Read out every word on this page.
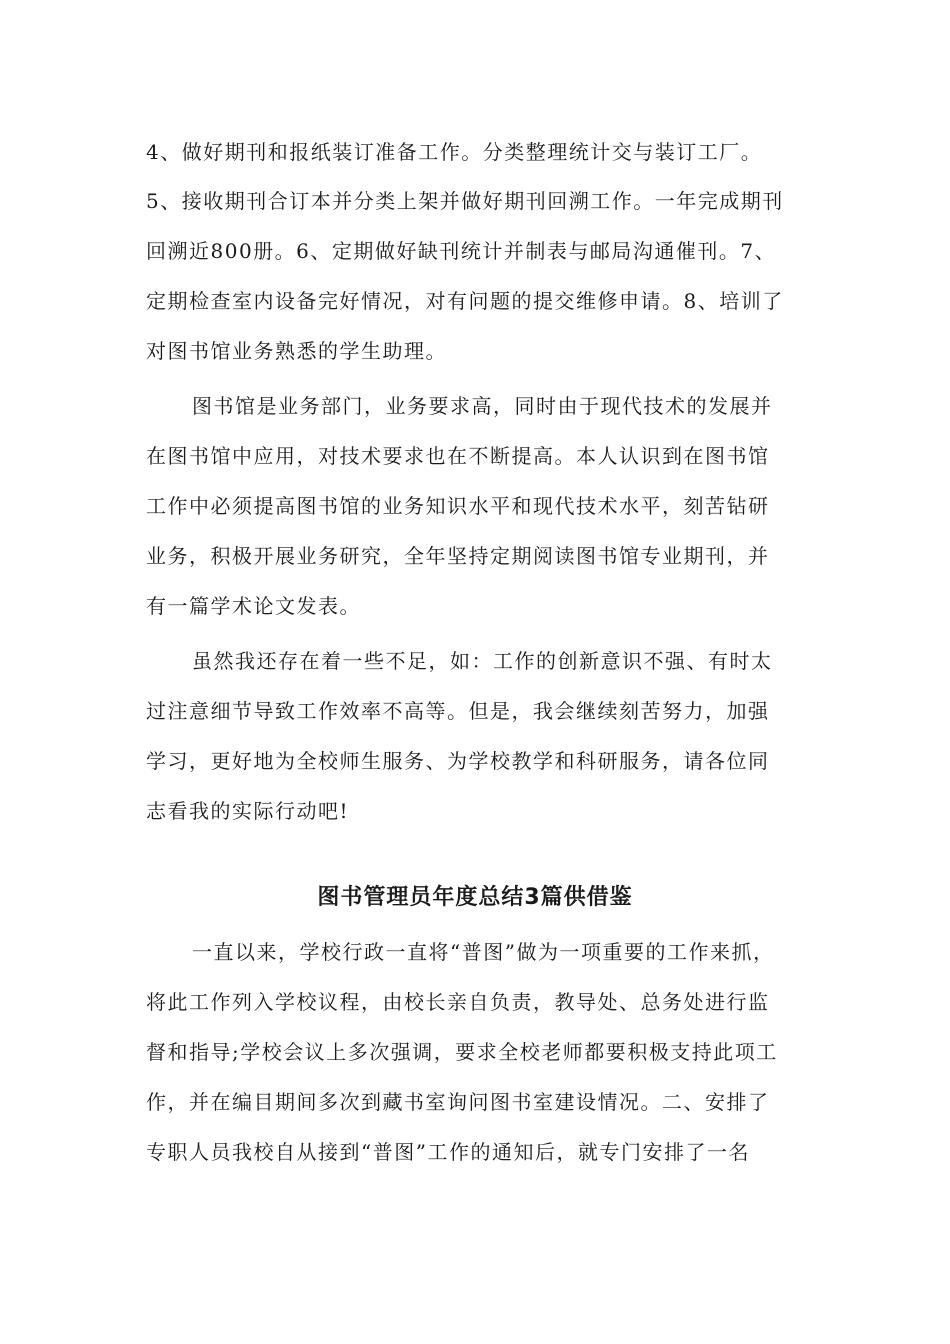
4、做好期刊和报纸装订准备工作。分类整理统计交与装订工厂。
5、接收期刊合订本并分类上架并做好期刊回溯工作。一年完成期刊
回溯近800册。6、定期做好缺刊统计并制表与邮局沟通催刊。7、
定期检查室内设备完好情况，对有问题的提交维修申请。8、培训了
对图书馆业务熟悉的学生助理。
图书馆是业务部门，业务要求高，同时由于现代技术的发展并
在图书馆中应用，对技术要求也在不断提高。本人认识到在图书馆
工作中必须提高图书馆的业务知识水平和现代技术水平，刻苦钻研
业务，积极开展业务研究，全年坚持定期阅读图书馆专业期刊，并
有一篇学术论文发表。
虽然我还存在着一些不足，如：工作的创新意识不强、有时太
过注意细节导致工作效率不高等。但是，我会继续刻苦努力，加强
学习，更好地为全校师生服务、为学校教学和科研服务，请各位同
志看我的实际行动吧!
图书管理员年度总结3篇供借鉴
一直以来，学校行政一直将“普图”做为一项重要的工作来抓，
将此工作列入学校议程，由校长亲自负责，教导处、总务处进行监
督和指导;学校会议上多次强调，要求全校老师都要积极支持此项工
作，并在编目期间多次到藏书室询问图书室建设情况。二、安排了
专职人员我校自从接到“普图”工作的通知后，就专门安排了一名
